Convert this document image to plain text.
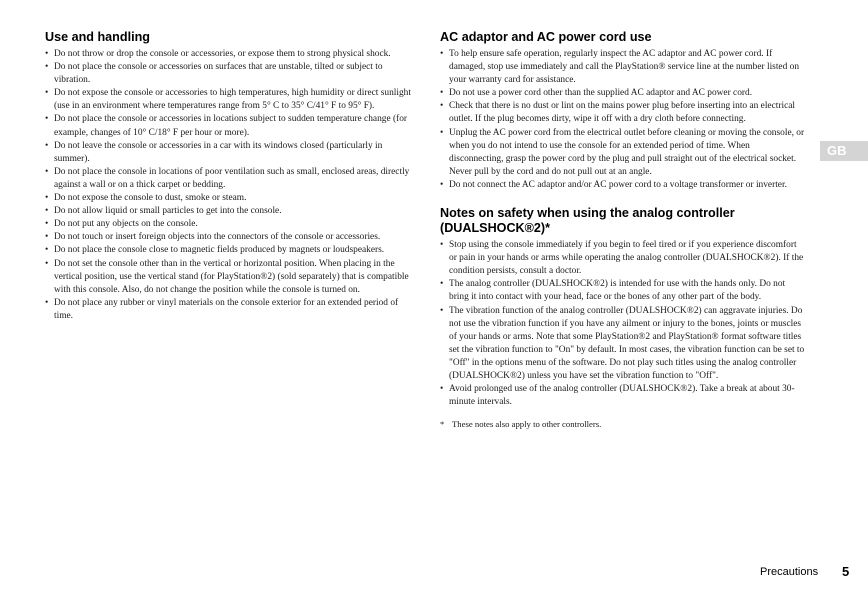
Use and handling
• Do not throw or drop the console or accessories, or expose them to strong physical shock.
• Do not place the console or accessories on surfaces that are unstable, tilted or subject to vibration.
• Do not expose the console or accessories to high temperatures, high humidity or direct sunlight (use in an environment where temperatures range from 5° C to 35° C/41° F to 95° F).
• Do not place the console or accessories in locations subject to sudden temperature change (for example, changes of 10° C/18° F per hour or more).
• Do not leave the console or accessories in a car with its windows closed (particularly in summer).
• Do not place the console in locations of poor ventilation such as small, enclosed areas, directly against a wall or on a thick carpet or bedding.
• Do not expose the console to dust, smoke or steam.
• Do not allow liquid or small particles to get into the console.
• Do not put any objects on the console.
• Do not touch or insert foreign objects into the connectors of the console or accessories.
• Do not place the console close to magnetic fields produced by magnets or loudspeakers.
• Do not set the console other than in the vertical or horizontal position. When placing in the vertical position, use the vertical stand (for PlayStation®2) (sold separately) that is compatible with this console. Also, do not change the position while the console is turned on.
• Do not place any rubber or vinyl materials on the console exterior for an extended period of time.
AC adaptor and AC power cord use
• To help ensure safe operation, regularly inspect the AC adaptor and AC power cord. If damaged, stop use immediately and call the PlayStation® service line at the number listed on your warranty card for assistance.
• Do not use a power cord other than the supplied AC adaptor and AC power cord.
• Check that there is no dust or lint on the mains power plug before inserting into an electrical outlet. If the plug becomes dirty, wipe it off with a dry cloth before connecting.
• Unplug the AC power cord from the electrical outlet before cleaning or moving the console, or when you do not intend to use the console for an extended period of time. When disconnecting, grasp the power cord by the plug and pull straight out of the electrical socket. Never pull by the cord and do not pull out at an angle.
• Do not connect the AC adaptor and/or AC power cord to a voltage transformer or inverter.
Notes on safety when using the analog controller (DUALSHOCK®2)*
• Stop using the console immediately if you begin to feel tired or if you experience discomfort or pain in your hands or arms while operating the analog controller (DUALSHOCK®2). If the condition persists, consult a doctor.
• The analog controller (DUALSHOCK®2) is intended for use with the hands only. Do not bring it into contact with your head, face or the bones of any other part of the body.
• The vibration function of the analog controller (DUALSHOCK®2) can aggravate injuries. Do not use the vibration function if you have any ailment or injury to the bones, joints or muscles of your hands or arms. Note that some PlayStation®2 and PlayStation® format software titles set the vibration function to "On" by default. In most cases, the vibration function can be set to "Off" in the options menu of the software. Do not play such titles using the analog controller (DUALSHOCK®2) unless you have set the vibration function to "Off".
• Avoid prolonged use of the analog controller (DUALSHOCK®2). Take a break at about 30-minute intervals.
* These notes also apply to other controllers.
GB
Precautions 5
